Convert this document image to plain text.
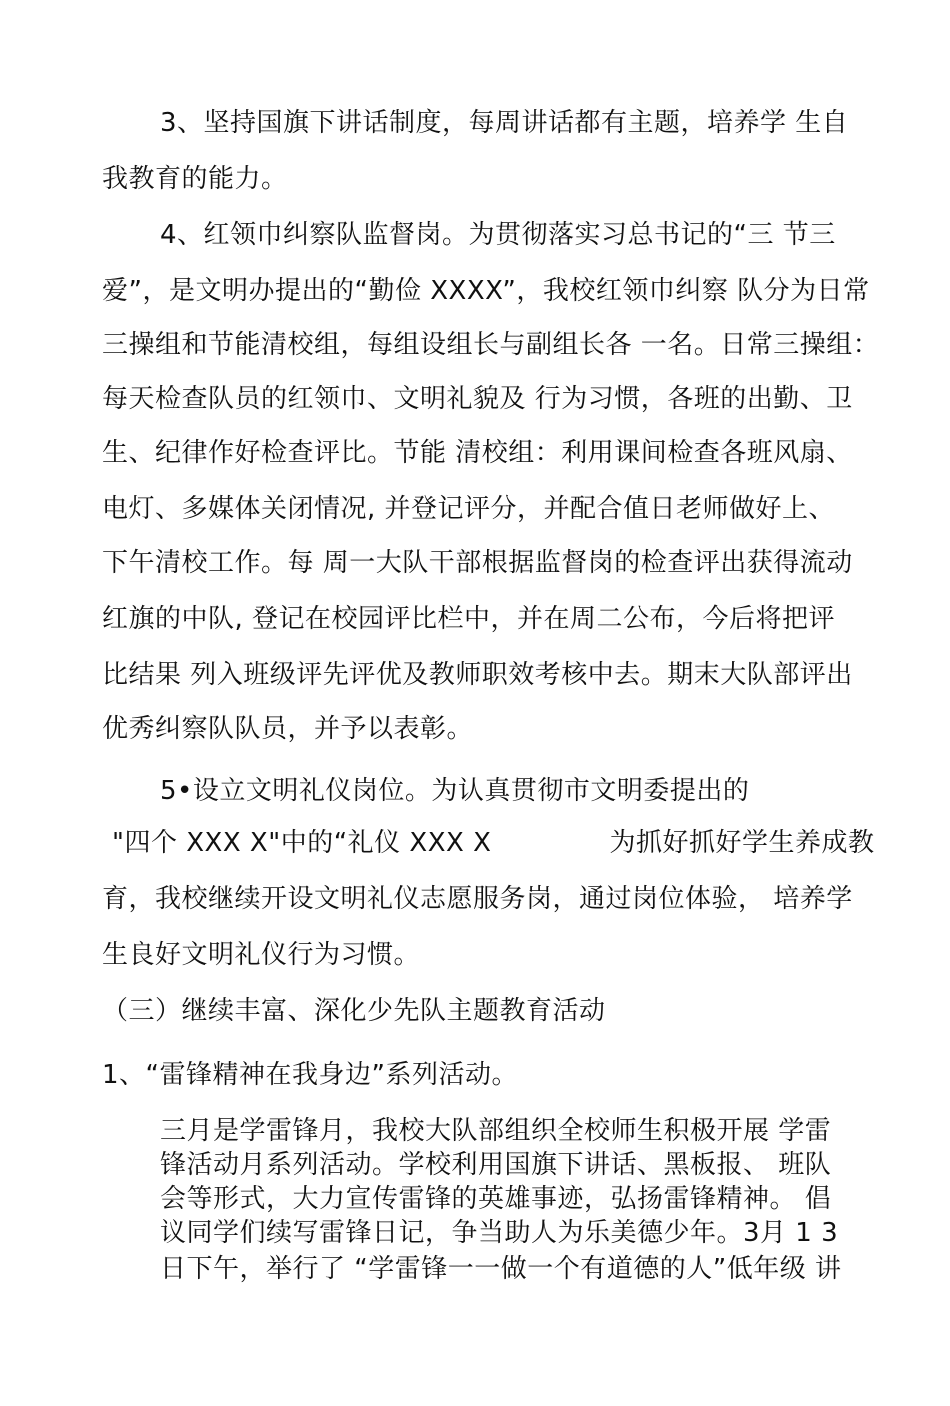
3、坚持国旗下讲话制度，每周讲话都有主题，培养学 生自
我教育的能力。
4、红领巾纠察队监督岗。为贯彻落实习总书记的“三 节三
爱”，是文明办提出的“勤俭 XXXX”，我校红领巾纠察 队分为日常
三操组和节能清校组，每组设组长与副组长各 一名。日常三操组：
每天检查队员的红领巾、文明礼貌及 行为习惯，各班的出勤、卫
生、纪律作好检查评比。节能 清校组：利用课间检查各班风扇、
电灯、多媒体关闭情况, 并登记评分，并配合值日老师做好上、
下午清校工作。每 周一大队干部根据监督岗的检查评出获得流动
红旗的中队, 登记在校园评比栏中，并在周二公布，今后将把评
比结果 列入班级评先评优及教师职效考核中去。期末大队部评出
优秀纠察队队员，并予以表彰。
5•设立文明礼仪岗位。为认真贯彻市文明委提出的
"四个 XXX X"中的“礼仪 XXX X	为抓好抓好学生养成教
育，我校继续开设文明礼仪志愿服务岗，通过岗位体验， 培养学
生良好文明礼仪行为习惯。
（三）继续丰富、深化少先队主题教育活动
1、“雷锋精神在我身边”系列活动。
三月是学雷锋月，我校大队部组织全校师生积极开展 学雷
锋活动月系列活动。学校利用国旗下讲话、黑板报、 班队
会等形式，大力宣传雷锋的英雄事迹，弘扬雷锋精神。 倡
议同学们续写雷锋日记，争当助人为乐美德少年。3月 1 3
日下午，举行了 “学雷锋一一做一个有道德的人”低年级 讲
